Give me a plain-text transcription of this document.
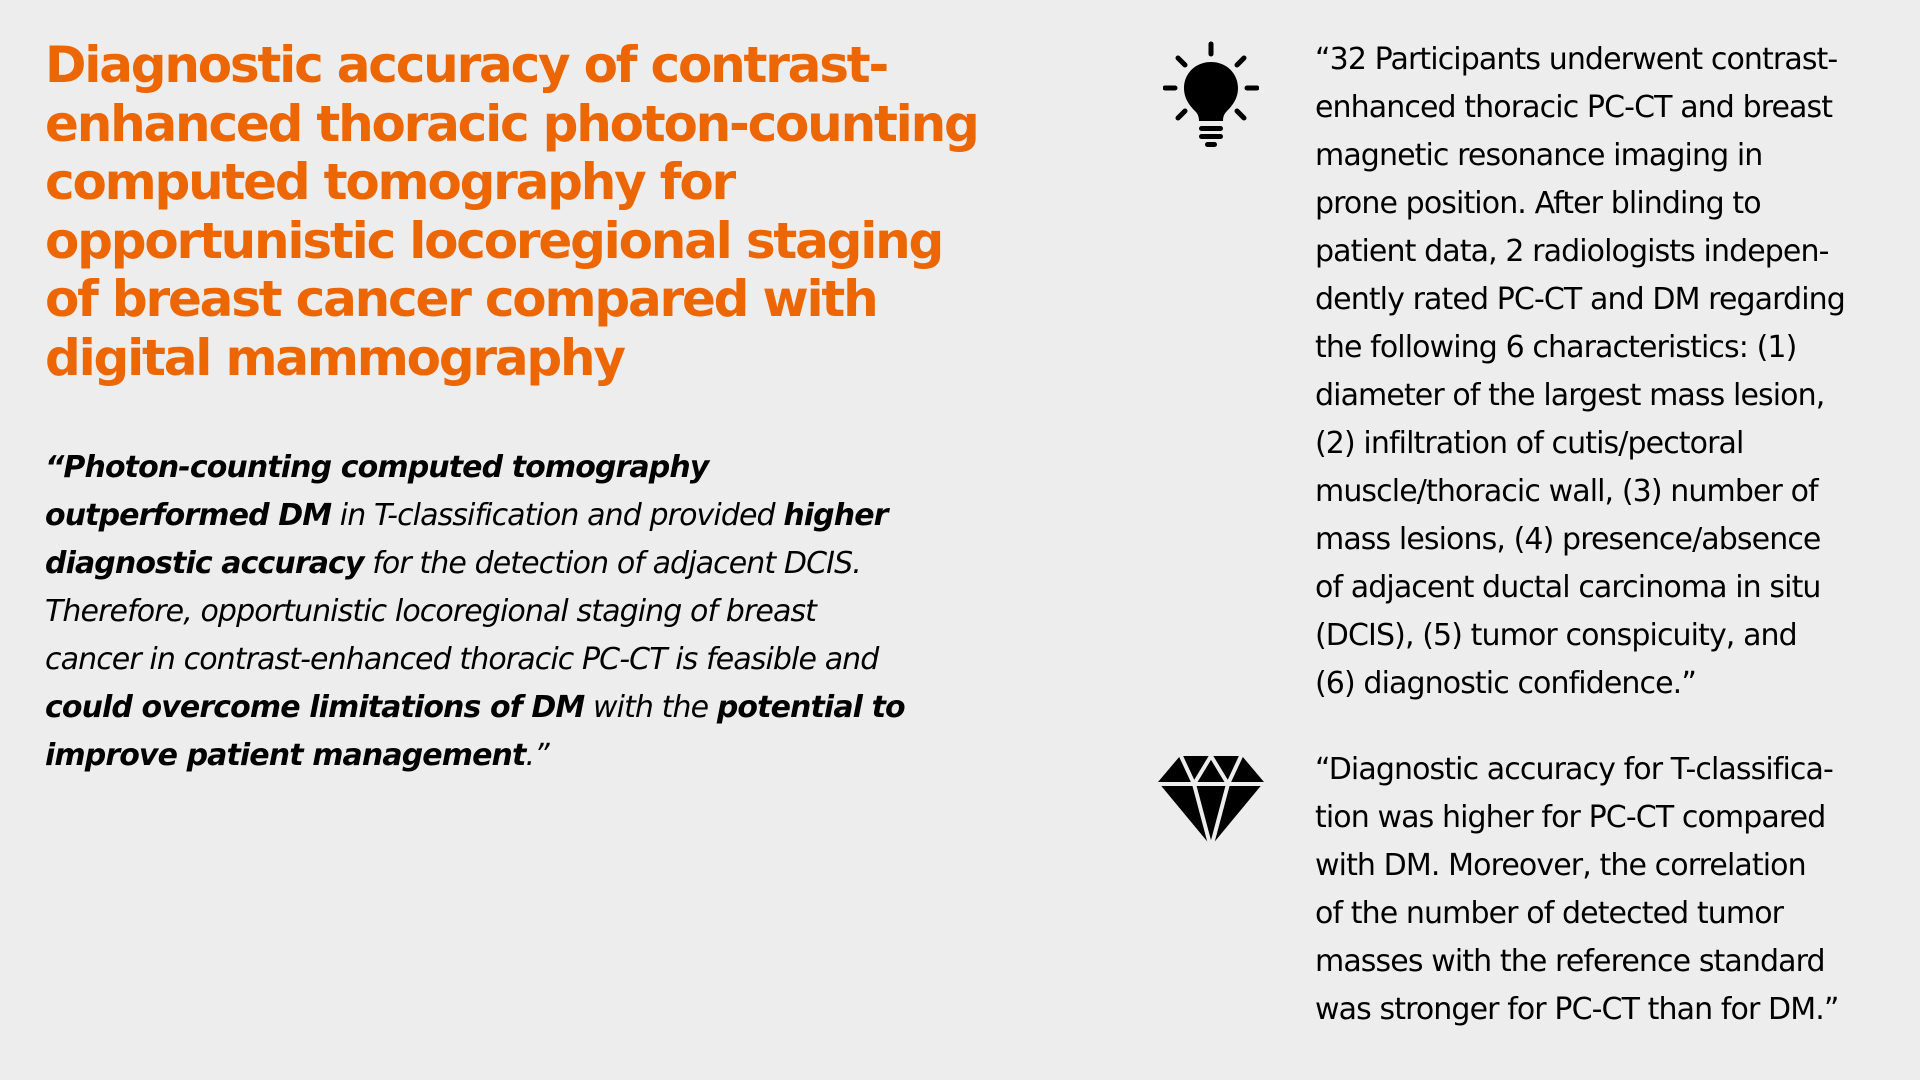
Diagnostic accuracy of contrast-
enhanced thoracic photon-counting
computed tomography for
opportunistic locoregional staging
of breast cancer compared with
digital mammography
“Photon-counting computed tomography
outperformed DM in T-classification and provided higher
diagnostic accuracy for the detection of adjacent DCIS.
Therefore, opportunistic locoregional staging of breast
cancer in contrast-enhanced thoracic PC-CT is feasible and
could overcome limitations of DM with the potential to
improve patient management.”
“32 Participants underwent contrast-
enhanced thoracic PC-CT and breast
magnetic resonance imaging in
prone position. After blinding to
patient data, 2 radiologists indepen-
dently rated PC-CT and DM regarding
the following 6 characteristics: (1)
diameter of the largest mass lesion,
(2) infiltration of cutis/pectoral
muscle/thoracic wall, (3) number of
mass lesions, (4) presence/absence
of adjacent ductal carcinoma in situ
(DCIS), (5) tumor conspicuity, and
(6) diagnostic confidence.”
“Diagnostic accuracy for T-classifica-
tion was higher for PC-CT compared
with DM. Moreover, the correlation
of the number of detected tumor
masses with the reference standard
was stronger for PC-CT than for DM.”
